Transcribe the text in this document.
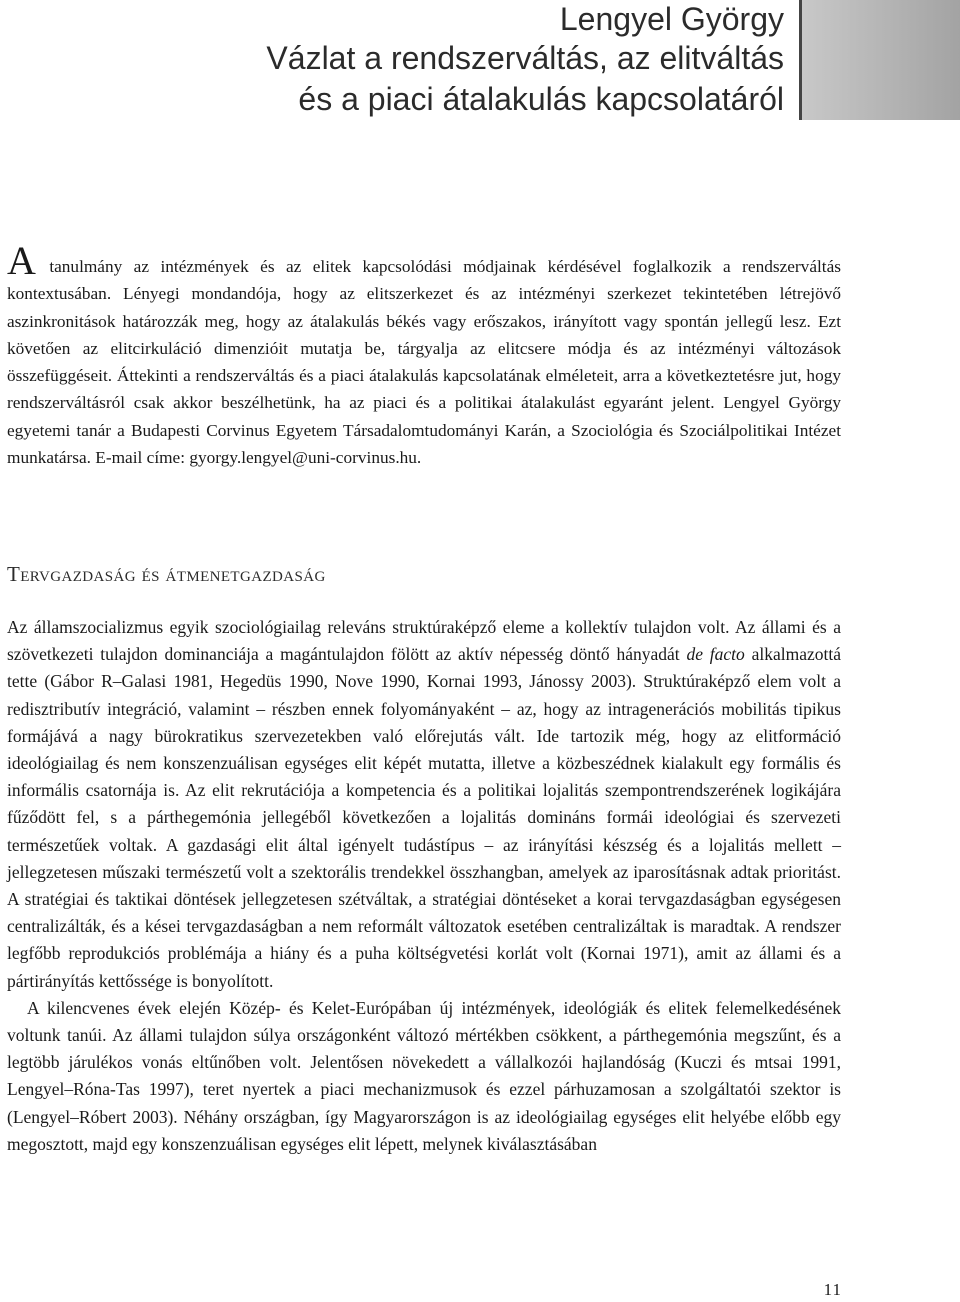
Lengyel György
Vázlat a rendszerváltás, az elitváltás
és a piaci átalakulás kapcsolatáról
A tanulmány az intézmények és az elitek kapcsolódási módjainak kérdésével foglalkozik a rendszerváltás kontextusában. Lényegi mondandója, hogy az elitszerkezet és az intézményi szerkezet tekintetében létrejövő aszinkronitások határozzák meg, hogy az átalakulás békés vagy erőszakos, irányított vagy spontán jellegű lesz. Ezt követően az elitcirkuláció dimenzióit mutatja be, tárgyalja az elitcsere módja és az intézményi változások összefüggéseit. Áttekinti a rendszerváltás és a piaci átalakulás kapcsolatának elméleteit, arra a következtetésre jut, hogy rendszerváltásról csak akkor beszélhetünk, ha az piaci és a politikai átalakulást egyaránt jelent. Lengyel György egyetemi tanár a Budapesti Corvinus Egyetem Társadalomtudományi Karán, a Szociológia és Szociálpolitikai Intézet munkatársa. E-mail címe: gyorgy.lengyel@uni-corvinus.hu.
Tervgazdaság és átmenetgazdaság

Az államszocializmus egyik szociológiailag releváns struktúraképző eleme a kollektív tulajdon volt. Az állami és a szövetkezeti tulajdon dominanciája a magántulajdon fölött az aktív népesség döntő hányadát de facto alkalmazottá tette (Gábor R–Galasi 1981, Hegedüs 1990, Nove 1990, Kornai 1993, Jánossy 2003). Struktúraképző elem volt a redisztributív integráció, valamint – részben ennek folyományaként – az, hogy az intragenerációs mobilitás tipikus formájává a nagy bürokratikus szervezetekben való előrejutás vált. Ide tartozik még, hogy az elitformáció ideológiailag és nem konszenzuálisan egységes elit képét mutatta, illetve a közbeszédnek kialakult egy formális és informális csatornája is. Az elit rekrutációja a kompetencia és a politikai lojalitás szempontrendszerének logikájára fűződött fel, s a párthegemónia jellegéből következően a lojalitás domináns formái ideológiai és szervezeti természetűek voltak. A gazdasági elit által igényelt tudástípus – az irányítási készség és a lojalitás mellett – jellegzetesen műszaki természetű volt a szektorális trendekkel összhangban, amelyek az iparosításnak adtak prioritást. A stratégiai és taktikai döntések jellegzetesen szétváltak, a stratégiai döntéseket a korai tervgazdaságban egységesen centralizálták, és a kései tervgazdaságban a nem reformált változatok esetében centralizáltak is maradtak. A rendszer legfőbb reprodukciós problémája a hiány és a puha költségvetési korlát volt (Kornai 1971), amit az állami és a pártirányítás kettőssége is bonyolított.

A kilencvenes évek elején Közép- és Kelet-Európában új intézmények, ideológiák és elitek felemelkedésének voltunk tanúi. Az állami tulajdon súlya országonként változó mértékben csökkent, a párthegemónia megszűnt, és a legtöbb járulékos vonás eltűnőben volt. Jelentősen növekedett a vállalkozói hajlandóság (Kuczi és mtsai 1991, Lengyel–Róna-Tas 1997), teret nyertek a piaci mechanizmusok és ezzel párhuzamosan a szolgáltatói szektor is (Lengyel–Róbert 2003). Néhány országban, így Magyarországon is az ideológiailag egységes elit helyébe előbb egy megosztott, majd egy konszenzuálisan egységes elit lépett, melynek kiválasztásában

11
